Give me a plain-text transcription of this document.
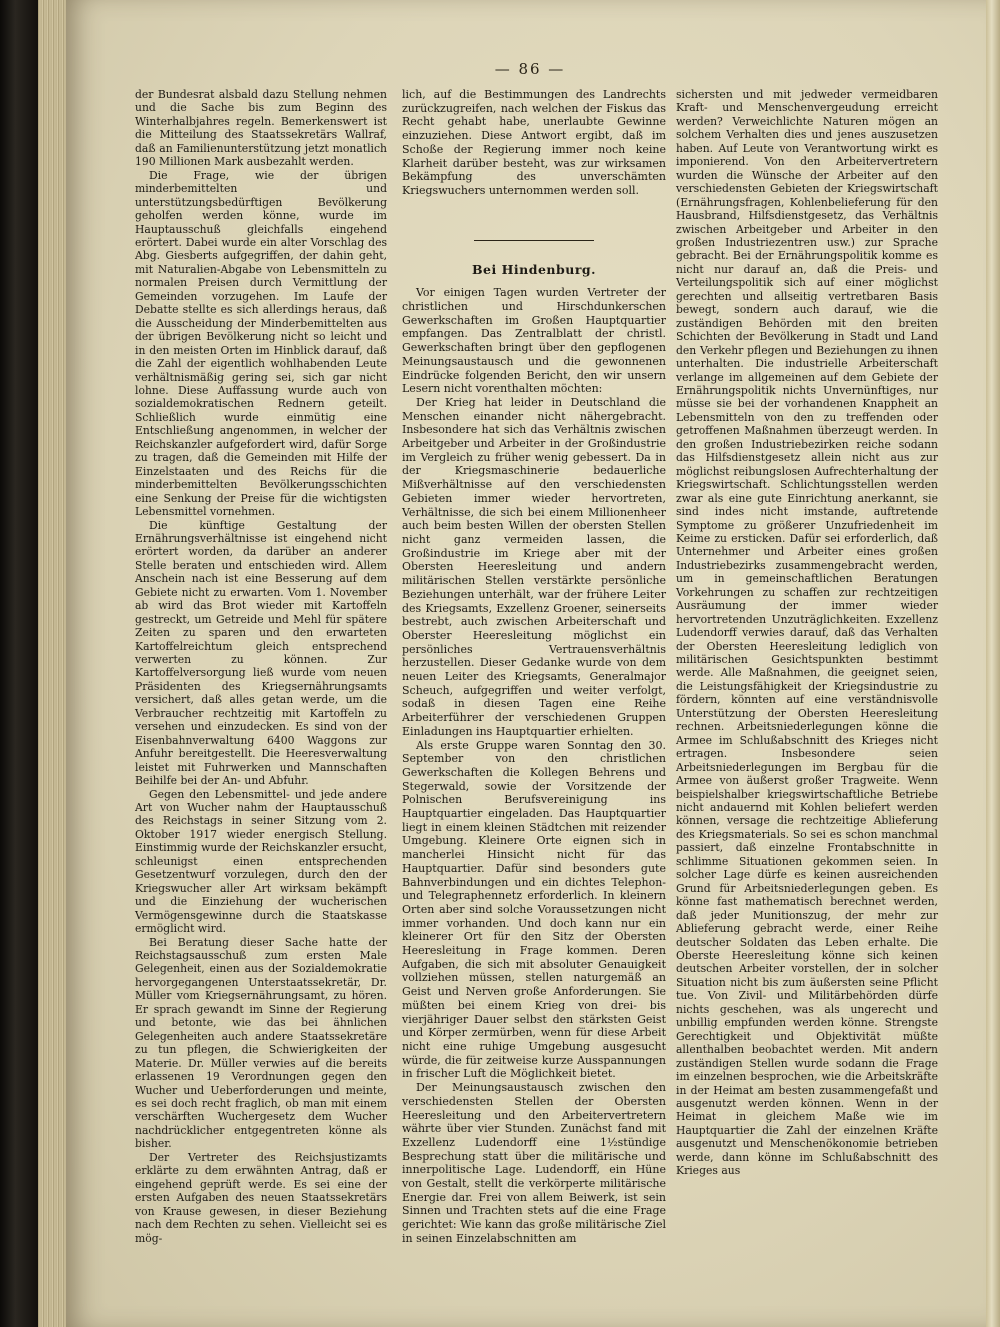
— 86 —

der Bundesrat alsbald dazu Stellung nehmen und die Sache bis zum Beginn des Winterhalbjahres regeln. Bemerkenswert ist die Mitteilung des Staatssekretärs Wallraf, daß an Familienunterstützung jetzt monatlich 190 Millionen Mark ausbezahlt werden.

Die Frage, wie der übrigen minderbemittelten und unterstützungsbedürftigen Bevölkerung geholfen werden könne, wurde im Hauptausschuß gleichfalls eingehend erörtert. Dabei wurde ein alter Vorschlag des Abg. Giesberts aufgegriffen, der dahin geht, mit Naturalien-Abgabe von Lebensmitteln zu normalen Preisen durch Vermittlung der Gemeinden vorzugehen. Im Laufe der Debatte stellte es sich allerdings heraus, daß die Ausscheidung der Minderbemittelten aus der übrigen Bevölkerung nicht so leicht und in den meisten Orten im Hinblick darauf, daß die Zahl der eigentlich wohlhabenden Leute verhältnismäßig gering sei, sich gar nicht lohne. Diese Auffassung wurde auch von sozialdemokratischen Rednern geteilt. Schließlich wurde einmütig eine Entschließung angenommen, in welcher der Reichskanzler aufgefordert wird, dafür Sorge zu tragen, daß die Gemeinden mit Hilfe der Einzelstaaten und des Reichs für die minderbemittelten Bevölkerungsschichten eine Senkung der Preise für die wichtigsten Lebensmittel vornehmen.

Die künftige Gestaltung der Ernährungsverhältnisse ist eingehend nicht erörtert worden, da darüber an anderer Stelle beraten und entschieden wird. Allem Anschein nach ist eine Besserung auf dem Gebiete nicht zu erwarten. Vom 1. November ab wird das Brot wieder mit Kartoffeln gestreckt, um Getreide und Mehl für spätere Zeiten zu sparen und den erwarteten Kartoffelreichtum gleich entsprechend verwerten zu können. Zur Kartoffelversorgung ließ wurde vom neuen Präsidenten des Kriegsernährungsamts versichert, daß alles getan werde, um die Verbraucher rechtzeitig mit Kartoffeln zu versehen und einzudecken. Es sind von der Eisenbahnverwaltung 6400 Waggons zur Anfuhr bereitgestellt. Die Heeresverwaltung leistet mit Fuhrwerken und Mannschaften Beihilfe bei der An- und Abfuhr.

Gegen den Lebensmittel- und jede andere Art von Wucher nahm der Hauptausschuß des Reichstags in seiner Sitzung vom 2. Oktober 1917 wieder energisch Stellung. Einstimmig wurde der Reichskanzler ersucht, schleunigst einen entsprechenden Gesetzentwurf vorzulegen, durch den der Kriegswucher aller Art wirksam bekämpft und die Einziehung der wucherischen Vermögensgewinne durch die Staatskasse ermöglicht wird.

Bei Beratung dieser Sache hatte der Reichstagsausschuß zum ersten Male Gelegenheit, einen aus der Sozialdemokratie hervorgegangenen Unterstaatssekretär, Dr. Müller vom Kriegsernährungsamt, zu hören. Er sprach gewandt im Sinne der Regierung und betonte, wie das bei ähnlichen Gelegenheiten auch andere Staatssekretäre zu tun pflegen, die Schwierigkeiten der Materie. Dr. Müller verwies auf die bereits erlassenen 19 Verordnungen gegen den Wucher und Ueberforderungen und meinte, es sei doch recht fraglich, ob man mit einem verschärften Wuchergesetz dem Wucher nachdrücklicher entgegentreten könne als bisher.

Der Vertreter des Reichsjustizamts erklärte zu dem erwähnten Antrag, daß er eingehend geprüft werde. Es sei eine der ersten Aufgaben des neuen Staatssekretärs von Krause gewesen, in dieser Beziehung nach dem Rechten zu sehen. Vielleicht sei es mög-

lich, auf die Bestimmungen des Landrechts zurückzugreifen, nach welchen der Fiskus das Recht gehabt habe, unerlaubte Gewinne einzuziehen. Diese Antwort ergibt, daß im Schoße der Regierung immer noch keine Klarheit darüber besteht, was zur wirksamen Bekämpfung des unverschämten Kriegswuchers unternommen werden soll.

Bei Hindenburg.

Vor einigen Tagen wurden Vertreter der christlichen und Hirschdunkerschen Gewerkschaften im Großen Hauptquartier empfangen. Das Zentralblatt der christl. Gewerkschaften bringt über den gepflogenen Meinungsaustausch und die gewonnenen Eindrücke folgenden Bericht, den wir unsern Lesern nicht vorenthalten möchten:

Der Krieg hat leider in Deutschland die Menschen einander nicht nähergebracht. Insbesondere hat sich das Verhältnis zwischen Arbeitgeber und Arbeiter in der Großindustrie im Vergleich zu früher wenig gebessert. Da in der Kriegsmaschinerie bedauerliche Mißverhältnisse auf den verschiedensten Gebieten immer wieder hervortreten, Verhältnisse, die sich bei einem Millionenheer auch beim besten Willen der obersten Stellen nicht ganz vermeiden lassen, die Großindustrie im Kriege aber mit der Obersten Heeresleitung und andern militärischen Stellen verstärkte persönliche Beziehungen unterhält, war der frühere Leiter des Kriegsamts, Exzellenz Groener, seinerseits bestrebt, auch zwischen Arbeiterschaft und Oberster Heeresleitung möglichst ein persönliches Vertrauensverhältnis herzustellen. Dieser Gedanke wurde von dem neuen Leiter des Kriegsamts, Generalmajor Scheuch, aufgegriffen und weiter verfolgt, sodaß in diesen Tagen eine Reihe Arbeiterführer der verschiedenen Gruppen Einladungen ins Hauptquartier erhielten.

Als erste Gruppe waren Sonntag den 30. September von den christlichen Gewerkschaften die Kollegen Behrens und Stegerwald, sowie der Vorsitzende der Polnischen Berufsvereinigung ins Hauptquartier eingeladen. Das Hauptquartier liegt in einem kleinen Städtchen mit reizender Umgebung. Kleinere Orte eignen sich in mancherlei Hinsicht nicht für das Hauptquartier. Dafür sind besonders gute Bahnverbindungen und ein dichtes Telephon- und Telegraphennetz erforderlich. In kleinern Orten aber sind solche Voraussetzungen nicht immer vorhanden. Und doch kann nur ein kleinerer Ort für den Sitz der Obersten Heeresleitung in Frage kommen. Deren Aufgaben, die sich mit absoluter Genauigkeit vollziehen müssen, stellen naturgemäß an Geist und Nerven große Anforderungen. Sie müßten bei einem Krieg von drei- bis vierjähriger Dauer selbst den stärksten Geist und Körper zermürben, wenn für diese Arbeit nicht eine ruhige Umgebung ausgesucht würde, die für zeitweise kurze Ausspannungen in frischer Luft die Möglichkeit bietet.

Der Meinungsaustausch zwischen den verschiedensten Stellen der Obersten Heeresleitung und den Arbeitervertretern währte über vier Stunden. Zunächst fand mit Exzellenz Ludendorff eine 1½stündige Besprechung statt über die militärische und innerpolitische Lage. Ludendorff, ein Hüne von Gestalt, stellt die verkörperte militärische Energie dar. Frei von allem Beiwerk, ist sein Sinnen und Trachten stets auf die eine Frage gerichtet: Wie kann das große militärische Ziel in seinen Einzelabschnitten am

sichersten und mit jedweder vermeidbaren Kraft- und Menschenvergeudung erreicht werden? Verweichlichte Naturen mögen an solchem Verhalten dies und jenes auszusetzen haben. Auf Leute von Verantwortung wirkt es imponierend. Von den Arbeitervertretern wurden die Wünsche der Arbeiter auf den verschiedensten Gebieten der Kriegswirtschaft (Ernährungsfragen, Kohlenbelieferung für den Hausbrand, Hilfsdienstgesetz, das Verhältnis zwischen Arbeitgeber und Arbeiter in den großen Industriezentren usw.) zur Sprache gebracht. Bei der Ernährungspolitik komme es nicht nur darauf an, daß die Preis- und Verteilungspolitik sich auf einer möglichst gerechten und allseitig vertretbaren Basis bewegt, sondern auch darauf, wie die zuständigen Behörden mit den breiten Schichten der Bevölkerung in Stadt und Land den Verkehr pflegen und Beziehungen zu ihnen unterhalten. Die industrielle Arbeiterschaft verlange im allgemeinen auf dem Gebiete der Ernährungspolitik nichts Unvernünftiges, nur müsse sie bei der vorhandenen Knappheit an Lebensmitteln von den zu treffenden oder getroffenen Maßnahmen überzeugt werden. In den großen Industriebezirken reiche sodann das Hilfsdienstgesetz allein nicht aus zur möglichst reibungslosen Aufrechterhaltung der Kriegswirtschaft. Schlichtungsstellen werden zwar als eine gute Einrichtung anerkannt, sie sind indes nicht imstande, auftretende Symptome zu größerer Unzufriedenheit im Keime zu ersticken. Dafür sei erforderlich, daß Unternehmer und Arbeiter eines großen Industriebezirks zusammengebracht werden, um in gemeinschaftlichen Beratungen Vorkehrungen zu schaffen zur rechtzeitigen Ausräumung der immer wieder hervortretenden Unzuträglichkeiten. Exzellenz Ludendorff verwies darauf, daß das Verhalten der Obersten Heeresleitung lediglich von militärischen Gesichtspunkten bestimmt werde. Alle Maßnahmen, die geeignet seien, die Leistungsfähigkeit der Kriegsindustrie zu fördern, könnten auf eine verständnisvolle Unterstützung der Obersten Heeresleitung rechnen. Arbeitsniederlegungen könne die Armee im Schlußabschnitt des Krieges nicht ertragen. Insbesondere seien Arbeitsniederlegungen im Bergbau für die Armee von äußerst großer Tragweite. Wenn beispielshalber kriegswirtschaftliche Betriebe nicht andauernd mit Kohlen beliefert werden können, versage die rechtzeitige Ablieferung des Kriegsmaterials. So sei es schon manchmal passiert, daß einzelne Frontabschnitte in schlimme Situationen gekommen seien. In solcher Lage dürfe es keinen ausreichenden Grund für Arbeitsniederlegungen geben. Es könne fast mathematisch berechnet werden, daß jeder Munitionszug, der mehr zur Ablieferung gebracht werde, einer Reihe deutscher Soldaten das Leben erhalte. Die Oberste Heeresleitung könne sich keinen deutschen Arbeiter vorstellen, der in solcher Situation nicht bis zum äußersten seine Pflicht tue. Von Zivil- und Militärbehörden dürfe nichts geschehen, was als ungerecht und unbillig empfunden werden könne. Strengste Gerechtigkeit und Objektivität müßte allenthalben beobachtet werden. Mit andern zuständigen Stellen wurde sodann die Frage im einzelnen besprochen, wie die Arbeitskräfte in der Heimat am besten zusammengefaßt und ausgenutzt werden können. Wenn in der Heimat in gleichem Maße wie im Hauptquartier die Zahl der einzelnen Kräfte ausgenutzt und Menschenökonomie betrieben werde, dann könne im Schlußabschnitt des Krieges aus
